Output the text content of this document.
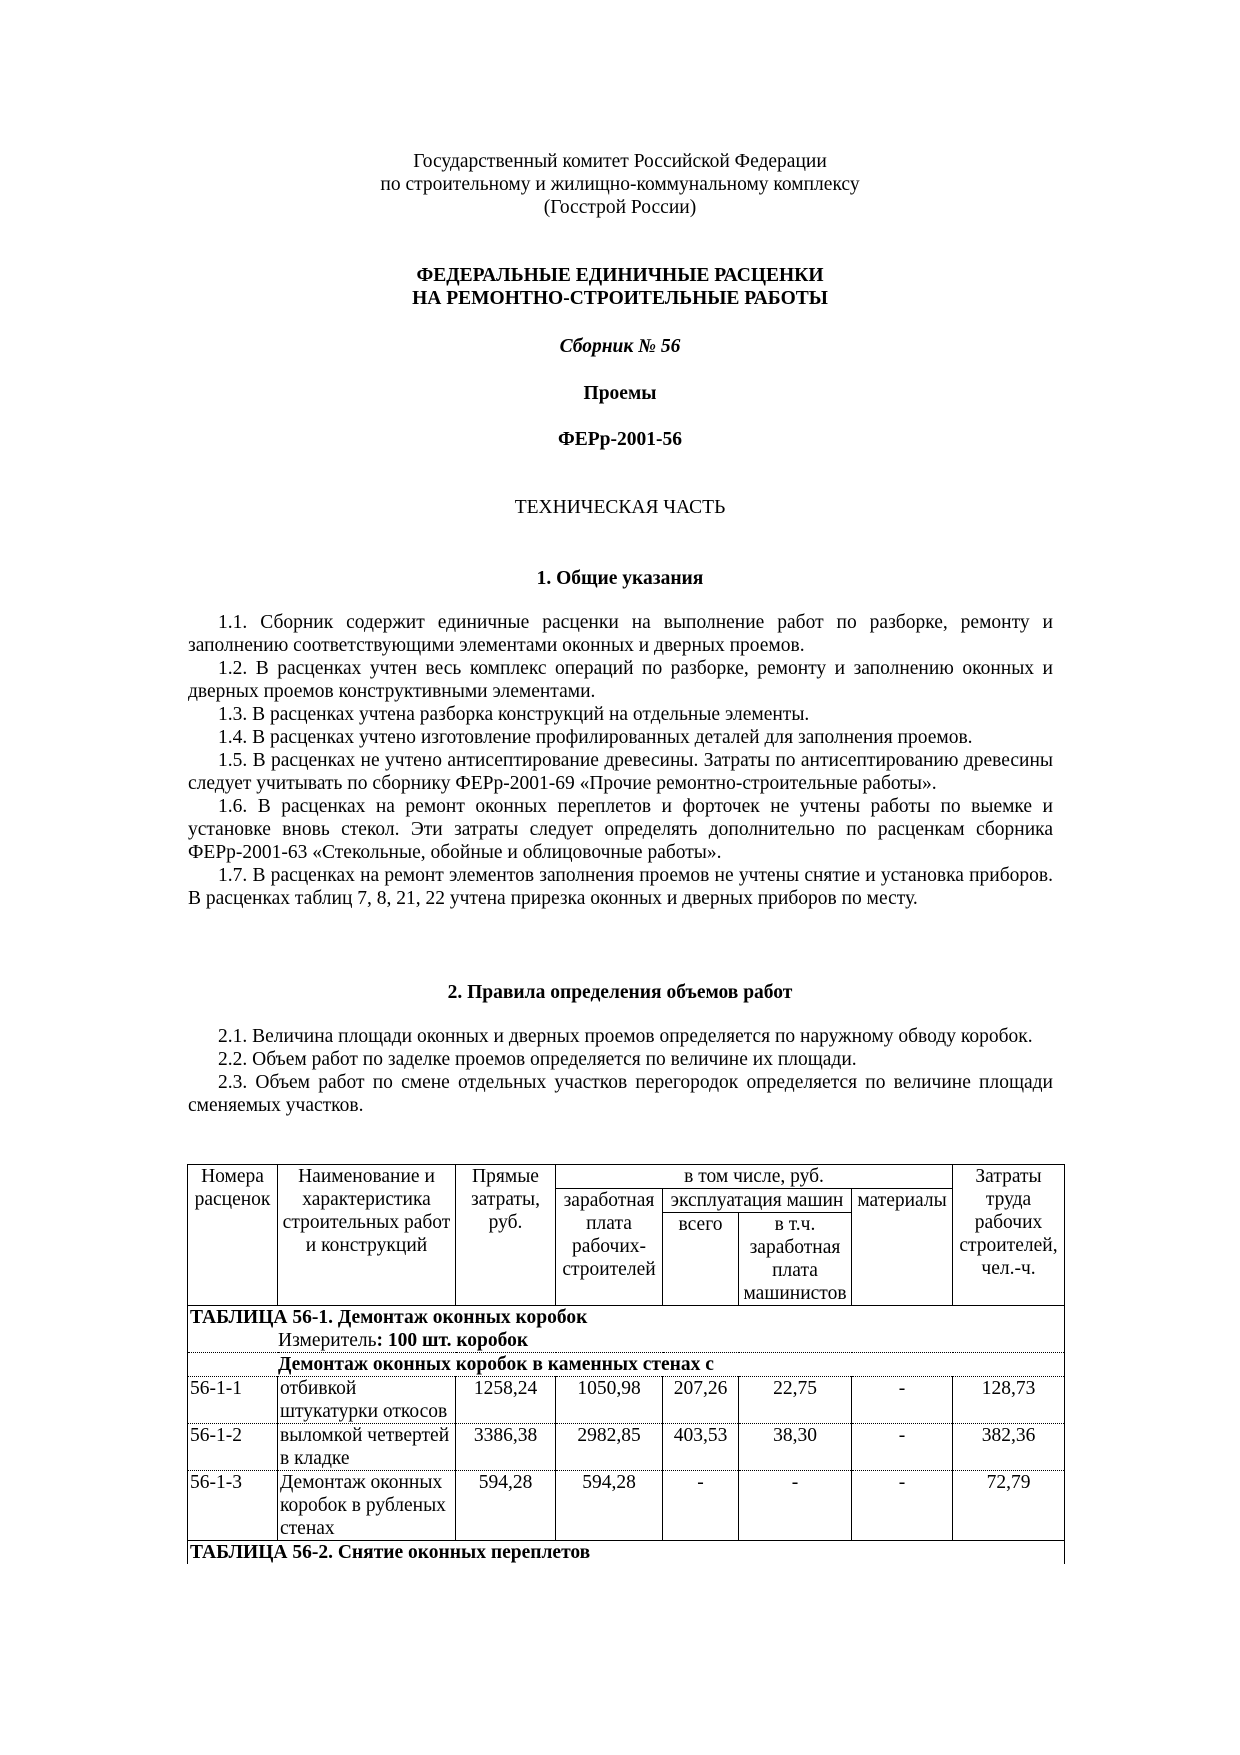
Государственный комитет Российской Федерации
по строительному и жилищно-коммунальному комплексу
(Госстрой России)
ФЕДЕРАЛЬНЫЕ ЕДИНИЧНЫЕ РАСЦЕНКИ
НА РЕМОНТНО-СТРОИТЕЛЬНЫЕ РАБОТЫ
Сборник № 56
Проемы
ФЕРр-2001-56
ТЕХНИЧЕСКАЯ ЧАСТЬ
1. Общие указания

1.1. Сборник содержит единичные расценки на выполнение работ по разборке, ремонту и заполнению соответствующими элементами оконных и дверных проемов.

1.2. В расценках учтен весь комплекс операций по разборке, ремонту и заполнению оконных и дверных проемов конструктивными элементами.

1.3. В расценках учтена разборка конструкций на отдельные элементы.

1.4. В расценках учтено изготовление профилированных деталей для заполнения проемов.

1.5. В расценках не учтено антисептирование древесины. Затраты по антисептированию древесины следует учитывать по сборнику ФЕРр-2001-69 «Прочие ремонтно-строительные работы».

1.6. В расценках на ремонт оконных переплетов и форточек не учтены работы по выемке и установке вновь стекол. Эти затраты следует определять дополнительно по расценкам сборника ФЕРр-2001-63 «Стекольные, обойные и облицовочные работы».

1.7. В расценках на ремонт элементов заполнения проемов не учтены снятие и установка приборов. В расценках таблиц 7, 8, 21, 22 учтена прирезка оконных и дверных приборов по месту.

2. Правила определения объемов работ

2.1. Величина площади оконных и дверных проемов определяется по наружному обводу коробок.

2.2. Объем работ по заделке проемов определяется по величине их площади.

2.3. Объем работ по смене отдельных участков перегородок определяется по величине площади сменяемых участков.

Номера расценок	Наименование и характеристика строительных работ и конструкций	Прямые затраты, руб.	в том числе, руб.				Затраты труда рабочих строителей, чел.-ч.
			заработная плата рабочих-строителей	эксплуатация машин		материалы	
				всего	в т.ч. заработная плата машинистов		
ТАБЛИЦА 56-1. Демонтаж оконных коробок							
Измеритель: 100 шт. коробок							
Демонтаж оконных коробок в каменных стенах с							
56-1-1	отбивкой штукатурки откосов	1258,24	1050,98	207,26	22,75	-	128,73
56-1-2	выломкой четвертей в кладке	3386,38	2982,85	403,53	38,30	-	382,36
56-1-3	Демонтаж оконных коробок в рубленых стенах	594,28	594,28	-	-	-	72,79
ТАБЛИЦА 56-2. Снятие оконных переплетов							
